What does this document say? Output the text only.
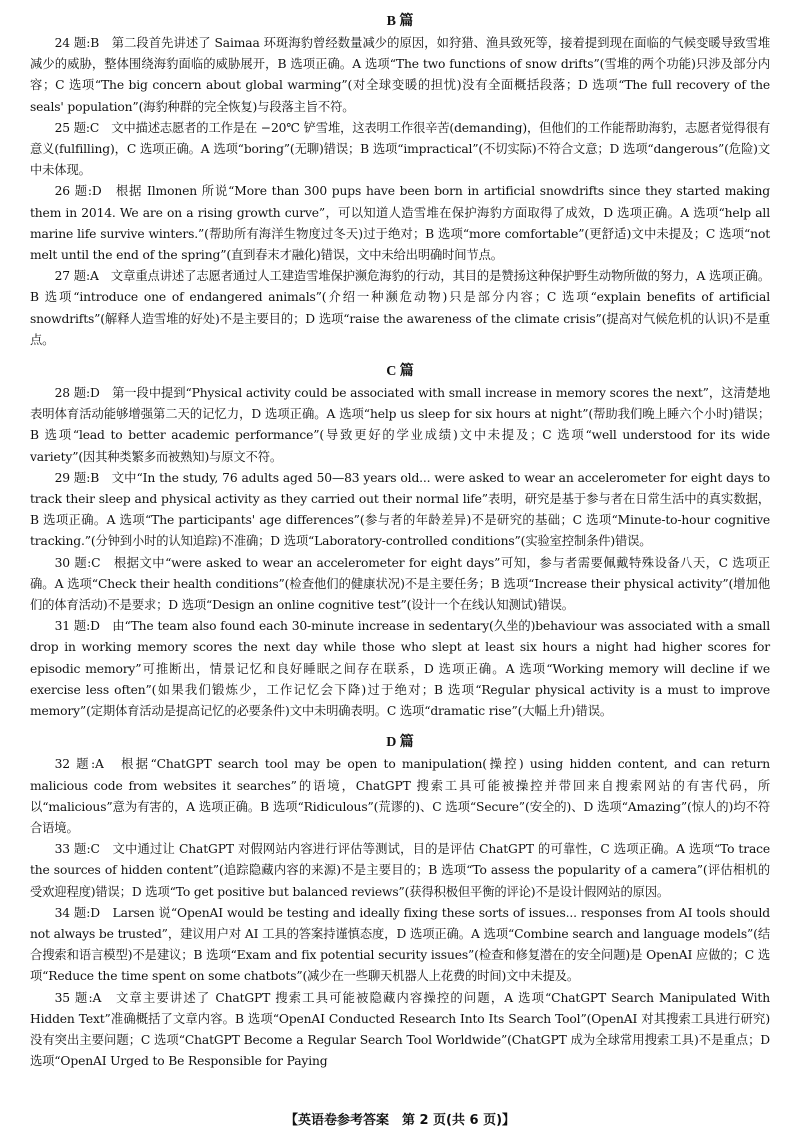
B 篇

24 题:B　第二段首先讲述了 Saimaa 环斑海豹曾经数量减少的原因，如狩猎、渔具致死等，接着提到现在面临的气候变暖导致雪堆减少的威胁，整体围绕海豹面临的威胁展开，B 选项正确。A 选项“The two functions of snow drifts”(雪堆的两个功能)只涉及部分内容；C 选项“The big concern about global warming”(对全球变暖的担忧)没有全面概括段落；D 选项“The full recovery of the seals' population”(海豹种群的完全恢复)与段落主旨不符。

25 题:C　文中描述志愿者的工作是在 −20℃ 铲雪堆，这表明工作很辛苦(demanding)，但他们的工作能帮助海豹，志愿者觉得很有意义(fulfilling)，C 选项正确。A 选项“boring”(无聊)错误；B 选项“impractical”(不切实际)不符合文意；D 选项“dangerous”(危险)文中未体现。

26 题:D　根据 Ilmonen 所说“More than 300 pups have been born in artificial snowdrifts since they started making them in 2014. We are on a rising growth curve”，可以知道人造雪堆在保护海豹方面取得了成效，D 选项正确。A 选项“help all marine life survive winters.”(帮助所有海洋生物度过冬天)过于绝对；B 选项“more comfortable”(更舒适)文中未提及；C 选项“not melt until the end of the spring”(直到春末才融化)错误，文中未给出明确时间节点。

27 题:A　文章重点讲述了志愿者通过人工建造雪堆保护濒危海豹的行动，其目的是赞扬这种保护野生动物所做的努力，A 选项正确。B 选项“introduce one of endangered animals”(介绍一种濒危动物)只是部分内容；C 选项“explain benefits of artificial snowdrifts”(解释人造雪堆的好处)不是主要目的；D 选项“raise the awareness of the climate crisis”(提高对气候危机的认识)不是重点。

C 篇

28 题:D　第一段中提到“Physical activity could be associated with small increase in memory scores the next”，这清楚地表明体育活动能够增强第二天的记忆力，D 选项正确。A 选项“help us sleep for six hours at night”(帮助我们晚上睡六个小时)错误；B 选项“lead to better academic performance”(导致更好的学业成绩)文中未提及；C 选项“well understood for its wide variety”(因其种类繁多而被熟知)与原文不符。

29 题:B　文中“In the study, 76 adults aged 50—83 years old... were asked to wear an accelerometer for eight days to track their sleep and physical activity as they carried out their normal life”表明，研究是基于参与者在日常生活中的真实数据，B 选项正确。A 选项“The participants' age differences”(参与者的年龄差异)不是研究的基础；C 选项“Minute-to-hour cognitive tracking.”(分钟到小时的认知追踪)不准确；D 选项“Laboratory-controlled conditions”(实验室控制条件)错误。

30 题:C　根据文中“were asked to wear an accelerometer for eight days”可知，参与者需要佩戴特殊设备八天，C 选项正确。A 选项“Check their health conditions”(检查他们的健康状况)不是主要任务；B 选项“Increase their physical activity”(增加他们的体育活动)不是要求；D 选项“Design an online cognitive test”(设计一个在线认知测试)错误。

31 题:D　由“The team also found each 30-minute increase in sedentary(久坐的)behaviour was associated with a small drop in working memory scores the next day while those who slept at least six hours a night had higher scores for episodic memory”可推断出，情景记忆和良好睡眠之间存在联系，D 选项正确。A 选项“Working memory will decline if we exercise less often”(如果我们锻炼少，工作记忆会下降)过于绝对；B 选项“Regular physical activity is a must to improve memory”(定期体育活动是提高记忆的必要条件)文中未明确表明。C 选项“dramatic rise”(大幅上升)错误。

D 篇

32 题:A　根据“ChatGPT search tool may be open to manipulation(操控) using hidden content, and can return malicious code from websites it searches”的语境，ChatGPT 搜索工具可能被操控并带回来自搜索网站的有害代码，所以“malicious”意为有害的，A 选项正确。B 选项“Ridiculous”(荒谬的)、C 选项“Secure”(安全的)、D 选项“Amazing”(惊人的)均不符合语境。

33 题:C　文中通过让 ChatGPT 对假网站内容进行评估等测试，目的是评估 ChatGPT 的可靠性，C 选项正确。A 选项“To trace the sources of hidden content”(追踪隐藏内容的来源)不是主要目的；B 选项“To assess the popularity of a camera”(评估相机的受欢迎程度)错误；D 选项“To get positive but balanced reviews”(获得积极但平衡的评论)不是设计假网站的原因。

34 题:D　Larsen 说“OpenAI would be testing and ideally fixing these sorts of issues... responses from AI tools should not always be trusted”，建议用户对 AI 工具的答案持谨慎态度，D 选项正确。A 选项“Combine search and language models”(结合搜索和语言模型)不是建议；B 选项“Exam and fix potential security issues”(检查和修复潜在的安全问题)是 OpenAI 应做的；C 选项“Reduce the time spent on some chatbots”(减少在一些聊天机器人上花费的时间)文中未提及。

35 题:A　文章主要讲述了 ChatGPT 搜索工具可能被隐藏内容操控的问题，A 选项“ChatGPT Search Manipulated With Hidden Text”准确概括了文章内容。B 选项“OpenAI Conducted Research Into Its Search Tool”(OpenAI 对其搜索工具进行研究)没有突出主要问题；C 选项“ChatGPT Become a Regular Search Tool Worldwide”(ChatGPT 成为全球常用搜索工具)不是重点；D 选项“OpenAI Urged to Be Responsible for Paying

【英语卷参考答案　第 2 页(共 6 页)】
